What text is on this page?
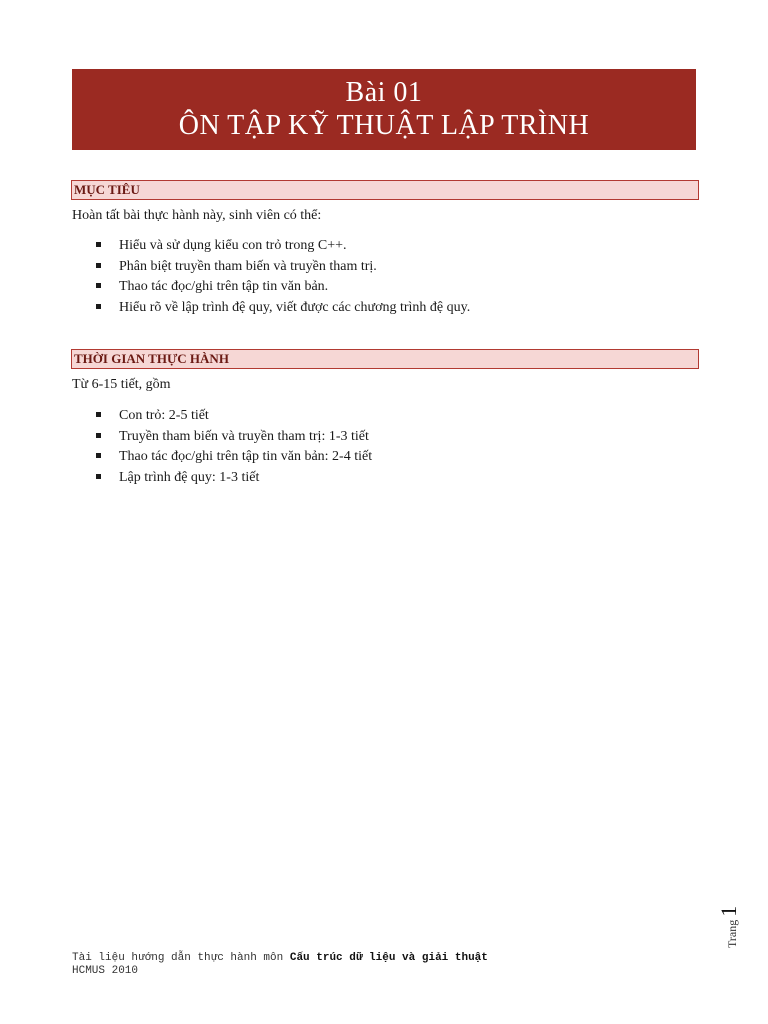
Bài 01
ÔN TẬP KỸ THUẬT LẬP TRÌNH
MỤC TIÊU
Hoàn tất bài thực hành này, sinh viên có thể:
Hiểu và sử dụng kiểu con trỏ trong C++.
Phân biệt truyền tham biến và truyền tham trị.
Thao tác đọc/ghi trên tập tin văn bản.
Hiểu rõ về lập trình đệ quy, viết được các chương trình đệ quy.
THỜI GIAN THỰC HÀNH
Từ 6-15 tiết, gồm
Con trỏ: 2-5 tiết
Truyền tham biến và truyền tham trị: 1-3 tiết
Thao tác đọc/ghi trên tập tin văn bản: 2-4 tiết
Lập trình đệ quy: 1-3 tiết
Trang1
Tài liệu hướng dẫn thực hành môn Cấu trúc dữ liệu và giải thuật
HCMUS 2010
